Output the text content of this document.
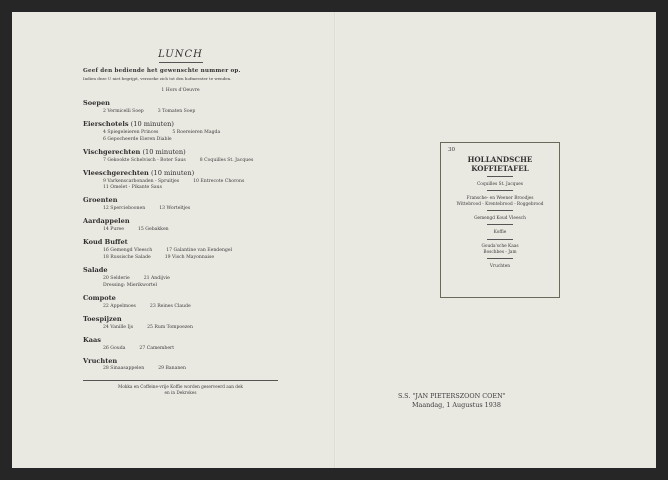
LUNCH
Geef den bediende het gewenschte nummer op.
Indien deze U niet begrijpt, verzoeke zich tot den hofmeester te wenden.
1 Hors d'Oeuvre
Soepen
2 Vermicelli Soep	3 Tomaten Soep
Eierschotels (10 minuten)
4 Spiegeleieren Princes	5 Roereieren Magda
6 Gepocheerde Eieren Diable
Vischgerechten (10 minuten)
7 Gekookte Schelvisch - Boter Saus	8 Coquilles St. Jacques
Vleeschgerechten (10 minuten)
9 Varkenscarbonaden - Spruitjes	10 Entrecote Chorons
11 Omelet - Pikante Saus
Groenten
12 Spercieboonen	13 Worteltjes
Aardappelen
14 Puree	15 Gebakken
Koud Buffet
16 Gemengd Vleesch	17 Galantine van Eendengel
18 Russische Salade	19 Visch Mayonnaise
Salade
20 Selderie	21 Andijvie
Dressing: Mierikwortel
Compote
22 Appelmoes	23 Reines Claude
Toespijzen
24 Vanille Ijs	25 Rum Tompoezen
Kaas
26 Gouda	27 Camembert
Vruchten
28 Sinaasappelen	29 Bananen
Mokka en Coffeine-vrije Koffie worden geserveerd aan dek
en in Dekrokes
30
HOLLANDSCHE
KOFFIETAFEL
Coquilles St. Jacques
Fransche- en Weener Broodjes
Wittebrood - Krentebrood - Roggebrood
Gemengd Koud Vleesch
Koffie
Gouda'sche Kaas
Boschbes - Jam
Vruchten
S.S. "JAN PIETERSZOON COEN"
Maandag, 1 Augustus 1938
